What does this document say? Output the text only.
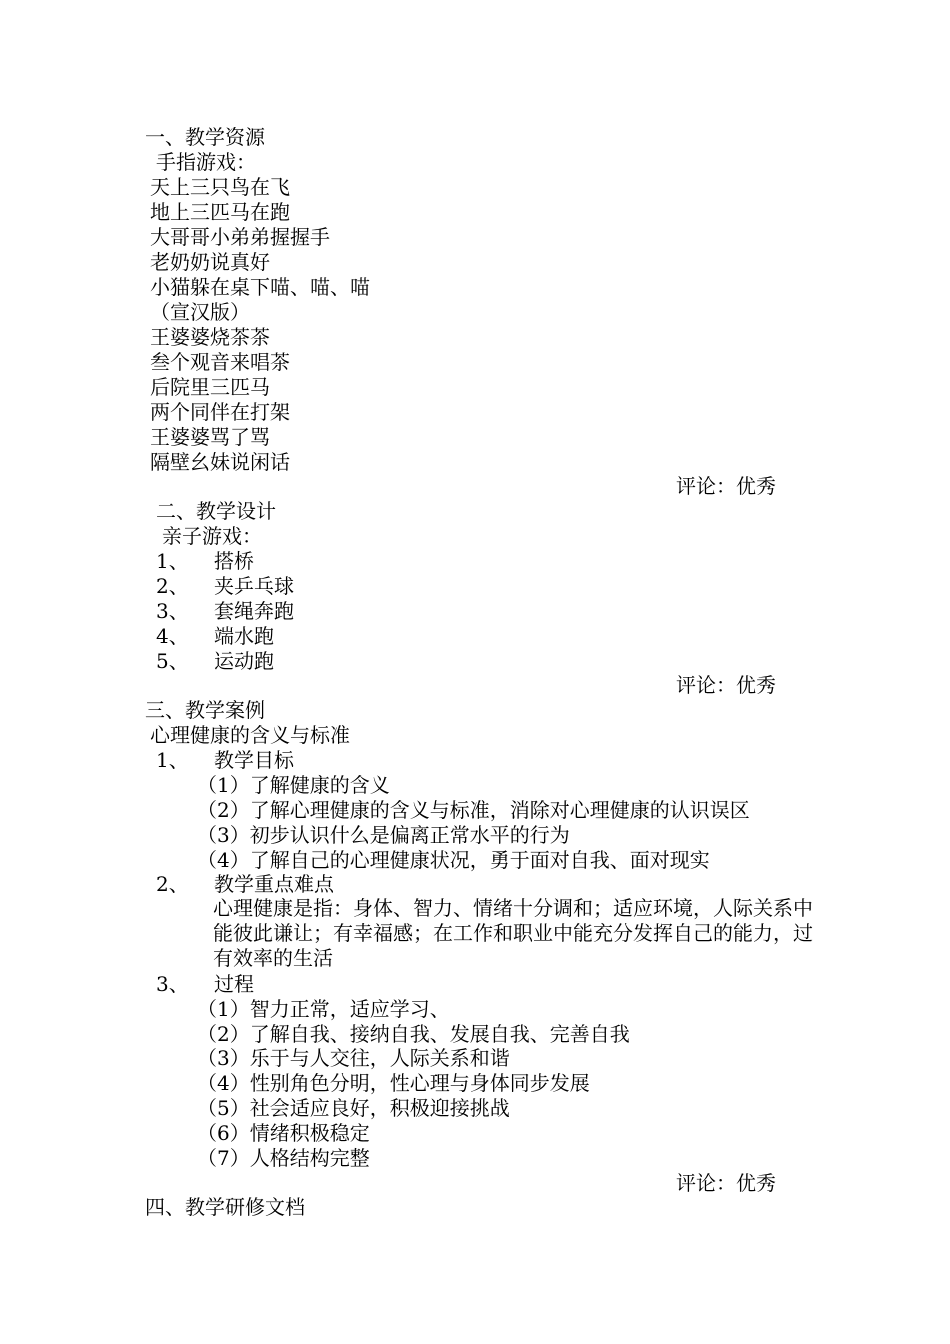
一、教学资源
手指游戏：
天上三只鸟在飞
地上三匹马在跑
大哥哥小弟弟握握手
老奶奶说真好
小猫躲在桌下喵、喵、喵
（宣汉版）
王婆婆烧茶茶
叁个观音来唱茶
后院里三匹马
两个同伴在打架
王婆婆骂了骂
隔壁幺妹说闲话
评论：优秀
二、教学设计
亲子游戏：
1、 搭桥
2、 夹乒乓球
3、 套绳奔跑
4、 端水跑
5、 运动跑
评论：优秀
三、教学案例
心理健康的含义与标准
1、 教学目标
（1）了解健康的含义
（2）了解心理健康的含义与标准，消除对心理健康的认识误区
（3）初步认识什么是偏离正常水平的行为
（4）了解自己的心理健康状况，勇于面对自我、面对现实
2、 教学重点难点
心理健康是指：身体、智力、情绪十分调和；适应环境，人际关系中能彼此谦让；有幸福感；在工作和职业中能充分发挥自己的能力，过有效率的生活
3、 过程
（1）智力正常，适应学习、
（2）了解自我、接纳自我、发展自我、完善自我
（3）乐于与人交往，人际关系和谐
（4）性别角色分明，性心理与身体同步发展
（5）社会适应良好，积极迎接挑战
（6）情绪积极稳定
（7）人格结构完整
评论：优秀
四、教学研修文档
